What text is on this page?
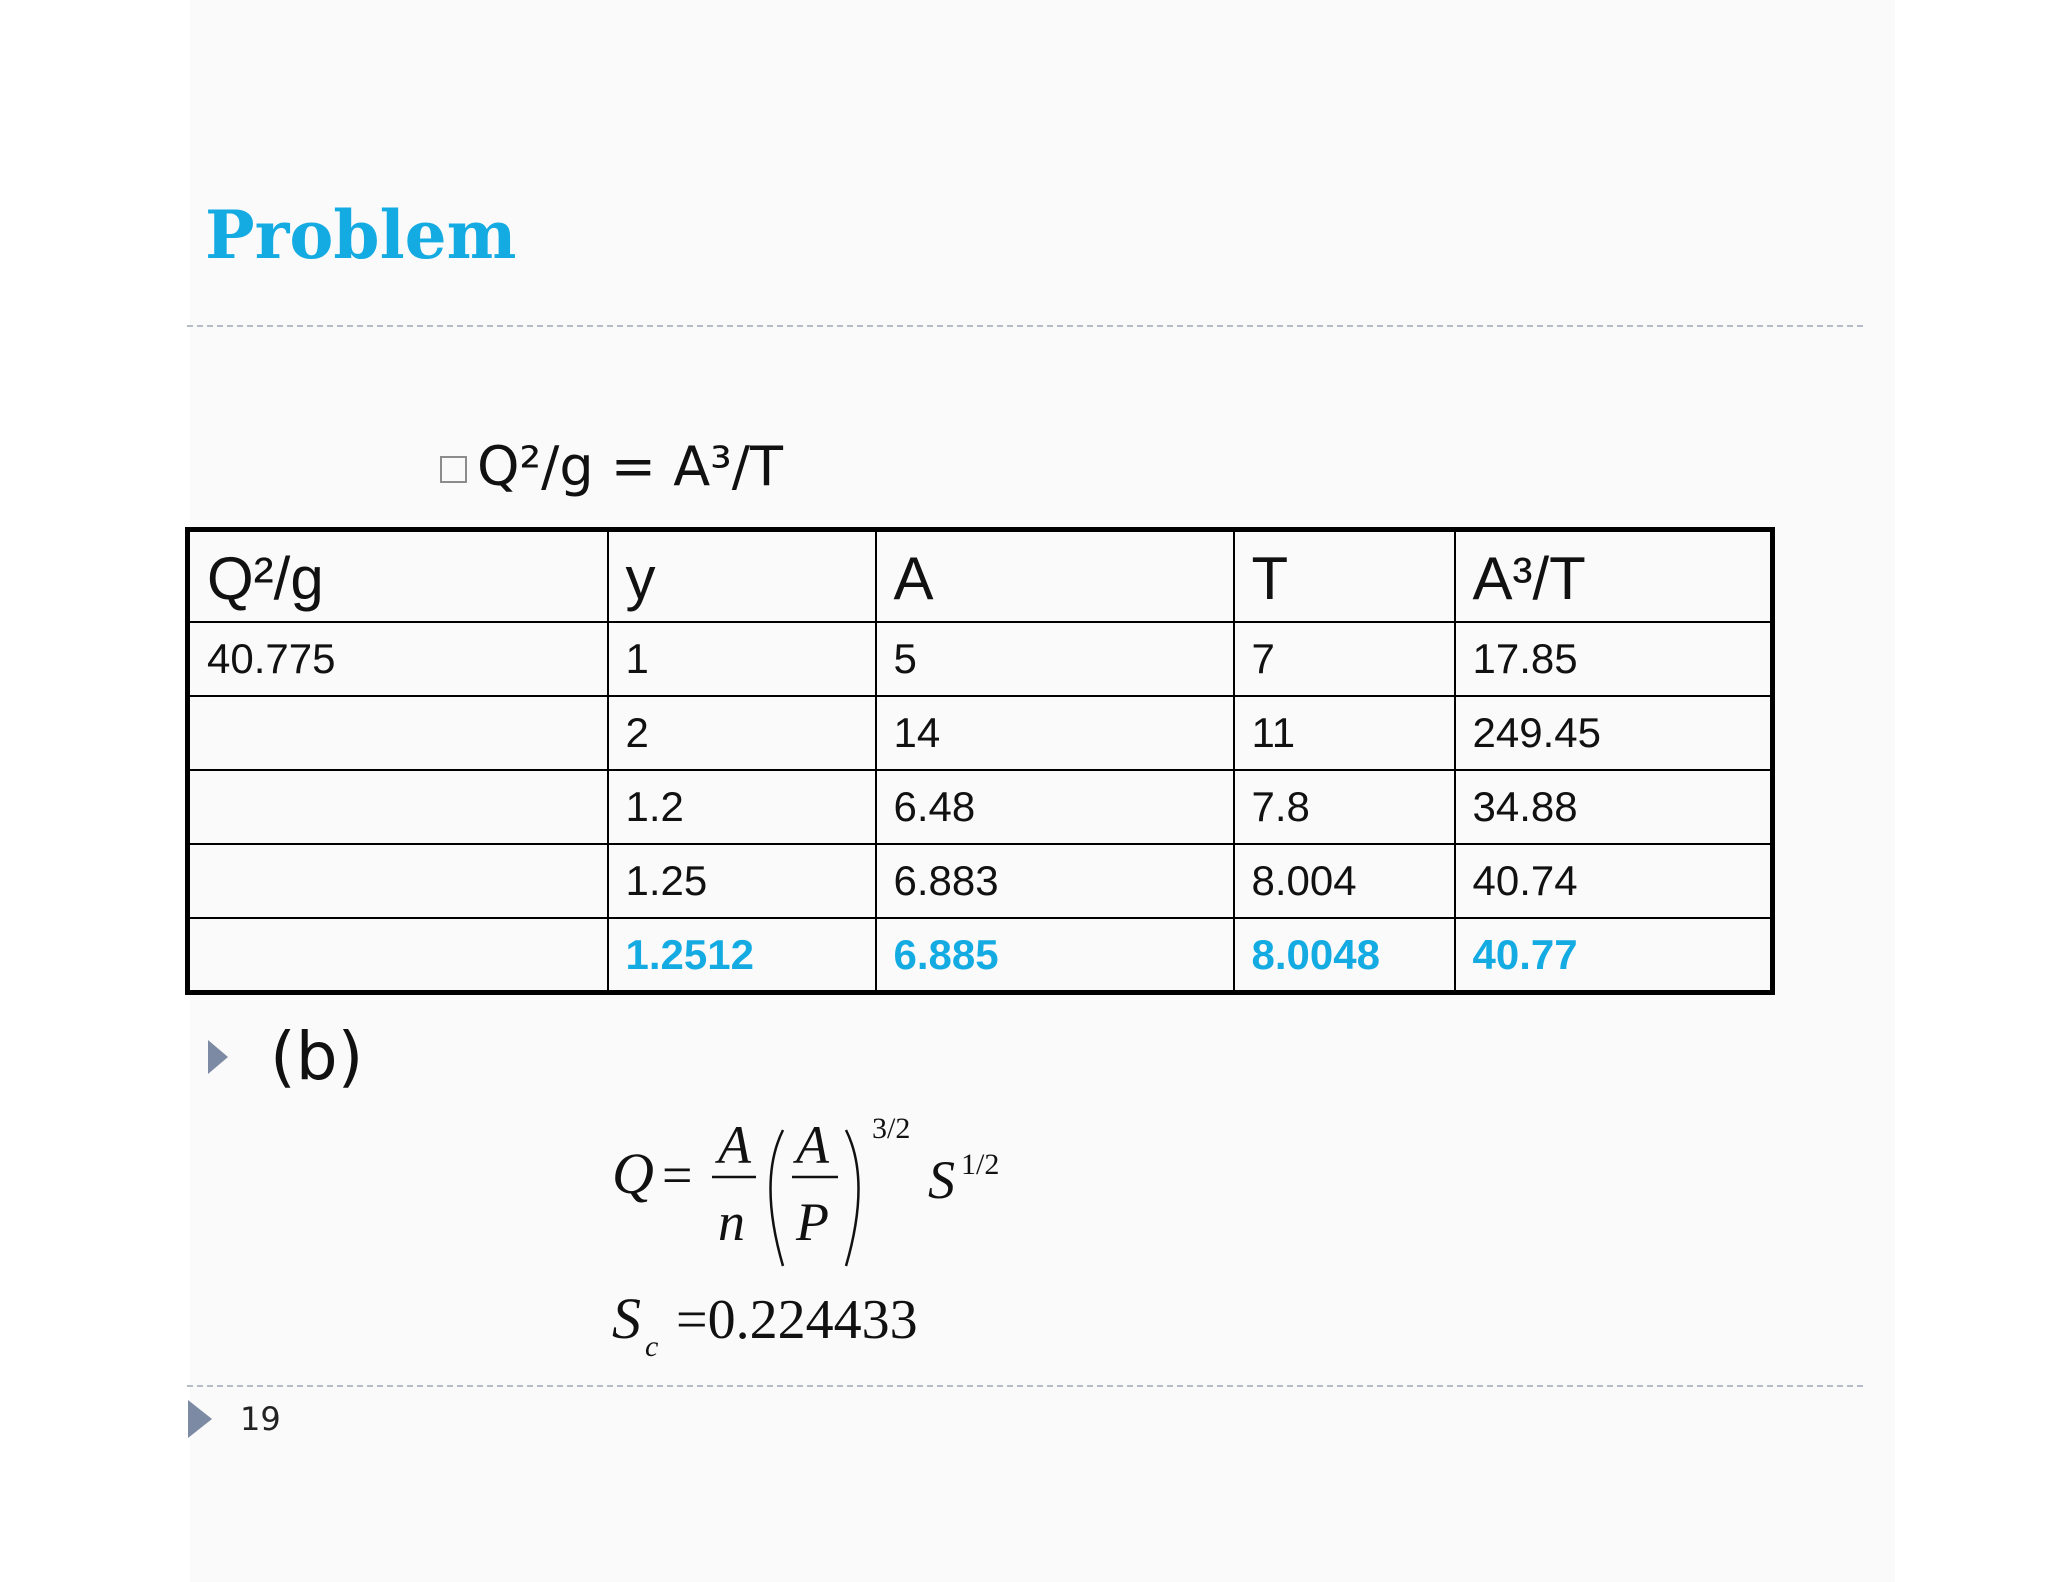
Problem
Q²/g = A³/T
Q²/g	y	A	T	A³/T
40.775	1	5	7	17.85
	2	14	11	249.45
	1.2	6.48	7.8	34.88
	1.25	6.883	8.004	40.74
	1.2512	6.885	8.0048	40.77
(b)
Q = A
n
A
P
3/2
S 1/2
S c =0.224433
19
